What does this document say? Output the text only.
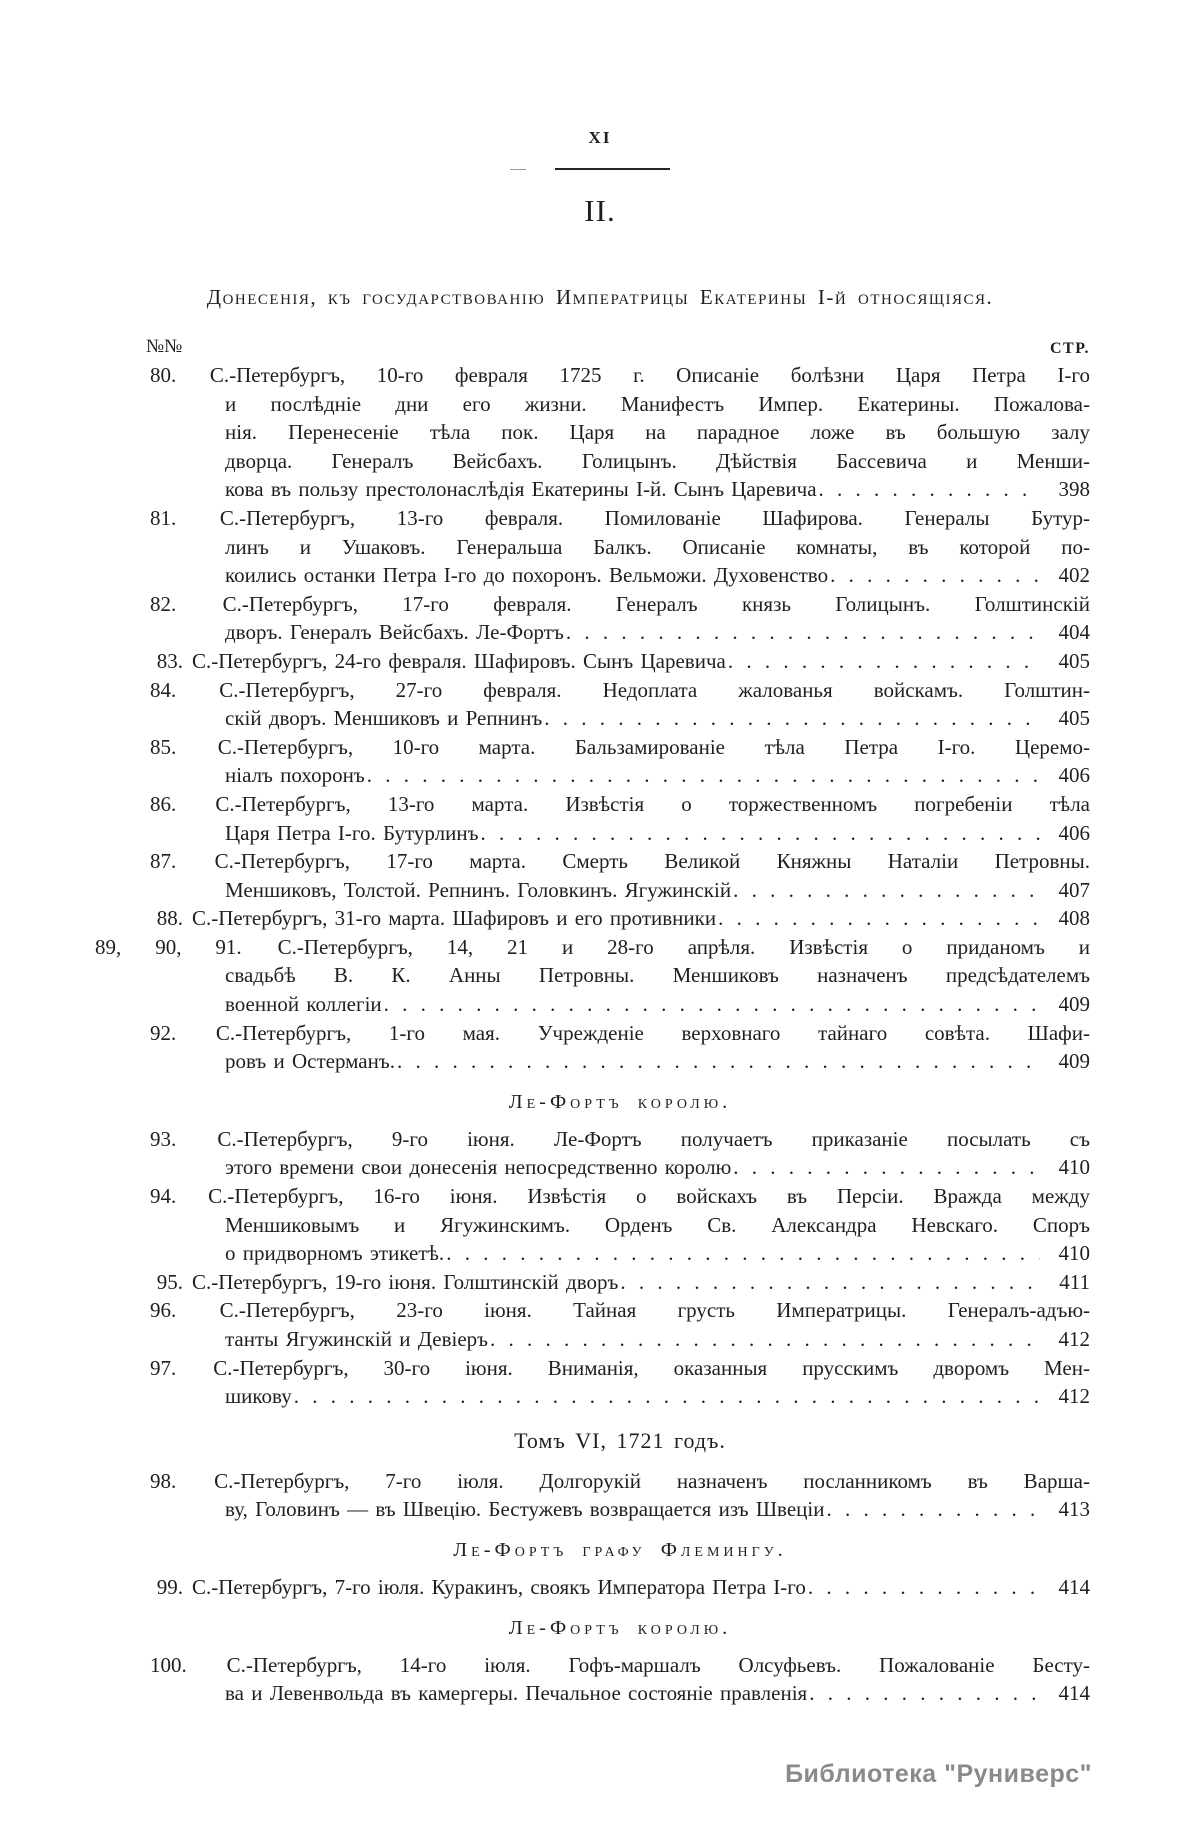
XI
II.
Донесенія, къ государствованію Императрицы Екатерины I-й относящіяся.
№№	СТР.
80. С.-Петербургъ, 10-го февраля 1725 г. Описаніе болѣзни Царя Петра I-го
и послѣдніе дни его жизни. Манифестъ Импер. Екатерины. Пожалова-
нія. Перенесеніе тѣла пок. Царя на парадное ложе въ большую залу
дворца. Генералъ Вейсбахъ. Голицынъ. Дѣйствія Бассевича и Менши-
кова въ пользу престолонаслѣдія Екатерины I-й. Сынъ Царевича . . .	398
81. С.-Петербургъ, 13-го февраля. Помилованіе Шафирова. Генералы Бутур-
линъ и Ушаковъ. Генеральша Балкъ. Описаніе комнаты, въ которой по-
коились останки Петра I-го до похоронъ. Вельможи. Духовенство . . .	402
82. С.-Петербургъ, 17-го февраля. Генералъ князь Голицынъ. Голштинскій
дворъ. Генералъ Вейсбахъ. Ле-Фортъ . . .	404
83. С.-Петербургъ, 24-го февраля. Шафировъ. Сынъ Царевича . . .	405
84. С.-Петербургъ, 27-го февраля. Недоплата жалованья войскамъ. Голштин-
скій дворъ. Меншиковъ и Репнинъ . . .	405
85. С.-Петербургъ, 10-го марта. Бальзамированіе тѣла Петра I-го. Церемо-
ніалъ похоронъ . . .	406
86. С.-Петербургъ, 13-го марта. Извѣстія о торжественномъ погребеніи тѣла
Царя Петра I-го. Бутурлинъ . . .	406
87. С.-Петербургъ, 17-го марта. Смерть Великой Княжны Наталіи Петровны.
Меншиковъ, Толстой. Репнинъ. Головкинъ. Ягужинскій . . .	407
88. С.-Петербургъ, 31-го марта. Шафировъ и его противники . . .	408
89, 90, 91. С.-Петербургъ, 14, 21 и 28-го апрѣля. Извѣстія о приданомъ и
свадьбѣ В. К. Анны Петровны. Меншиковъ назначенъ предсѣдателемъ
военной коллегіи . . .	409
92. С.-Петербургъ, 1-го мая. Учрежденіе верховнаго тайнаго совѣта. Шафи-
ровъ и Остерманъ. . . .	409
Ле-Фортъ королю.
93. С.-Петербургъ, 9-го іюня. Ле-Фортъ получаетъ приказаніе посылать съ
этого времени свои донесенія непосредственно королю . . .	410
94. С.-Петербургъ, 16-го іюня. Извѣстія о войскахъ въ Персіи. Вражда между
Меншиковымъ и Ягужинскимъ. Орденъ Св. Александра Невскаго. Споръ
о придворномъ этикетѣ. . . .	410
95. С.-Петербургъ, 19-го іюня. Голштинскій дворъ . . .	411
96. С.-Петербургъ, 23-го іюня. Тайная грусть Императрицы. Генералъ-адъю-
танты Ягужинскій и Девіеръ . . .	412
97. С.-Петербургъ, 30-го іюня. Вниманія, оказанныя прусскимъ дворомъ Мен-
шикову . . .	412
Томъ VI, 1721 годъ.
98. С.-Петербургъ, 7-го іюля. Долгорукій назначенъ посланникомъ въ Варша-
ву, Головинъ — въ Швецію. Бестужевъ возвращается изъ Швеціи . . .	413
Ле-Фортъ графу Флемингу.
99. С.-Петербургъ, 7-го іюля. Куракинъ, своякъ Императора Петра I-го . . .	414
Ле-Фортъ королю.
100. С.-Петербургъ, 14-го іюля. Гофъ-маршалъ Олсуфьевъ. Пожалованіе Бесту-
ва и Левенвольда въ камергеры. Печальное состояніе правленія . . .	414
Библиотека "Руниверс"
